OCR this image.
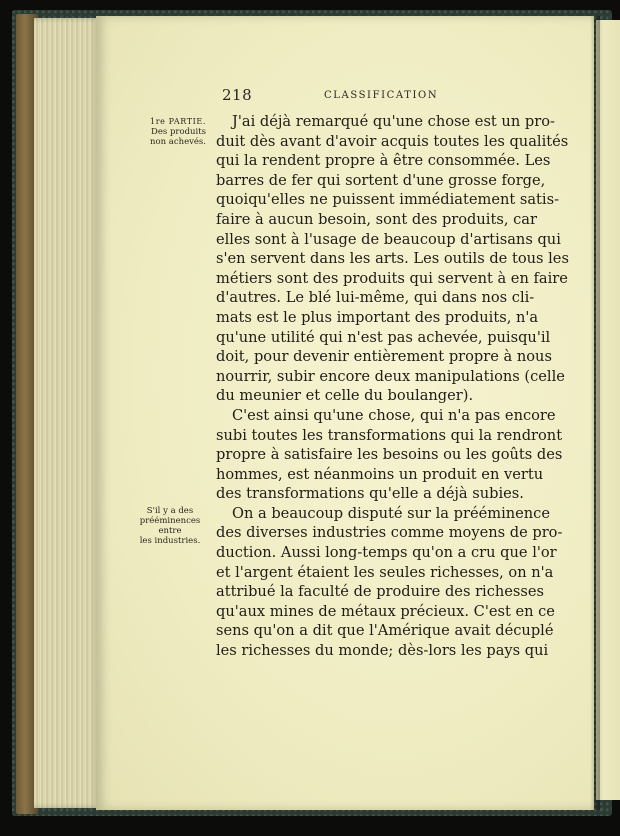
218	CLASSIFICATION
1re PARTIE.
Des produits
non achevés.
S'il y a des
prééminences
entre
les industries.
J'ai déjà remarqué qu'une chose est un pro-
duit dès avant d'avoir acquis toutes les qualités
qui la rendent propre à être consommée. Les
barres de fer qui sortent d'une grosse forge,
quoiqu'elles ne puissent immédiatement satis-
faire à aucun besoin, sont des produits, car
elles sont à l'usage de beaucoup d'artisans qui
s'en servent dans les arts. Les outils de tous les
métiers sont des produits qui servent à en faire
d'autres. Le blé lui-même, qui dans nos cli-
mats est le plus important des produits, n'a
qu'une utilité qui n'est pas achevée, puisqu'il
doit, pour devenir entièrement propre à nous
nourrir, subir encore deux manipulations (celle
du meunier et celle du boulanger).
C'est ainsi qu'une chose, qui n'a pas encore
subi toutes les transformations qui la rendront
propre à satisfaire les besoins ou les goûts des
hommes, est néanmoins un produit en vertu
des transformations qu'elle a déjà subies.
On a beaucoup disputé sur la prééminence
des diverses industries comme moyens de pro-
duction. Aussi long-temps qu'on a cru que l'or
et l'argent étaient les seules richesses, on n'a
attribué la faculté de produire des richesses
qu'aux mines de métaux précieux. C'est en ce
sens qu'on a dit que l'Amérique avait décuplé
les richesses du monde; dès-lors les pays qui
